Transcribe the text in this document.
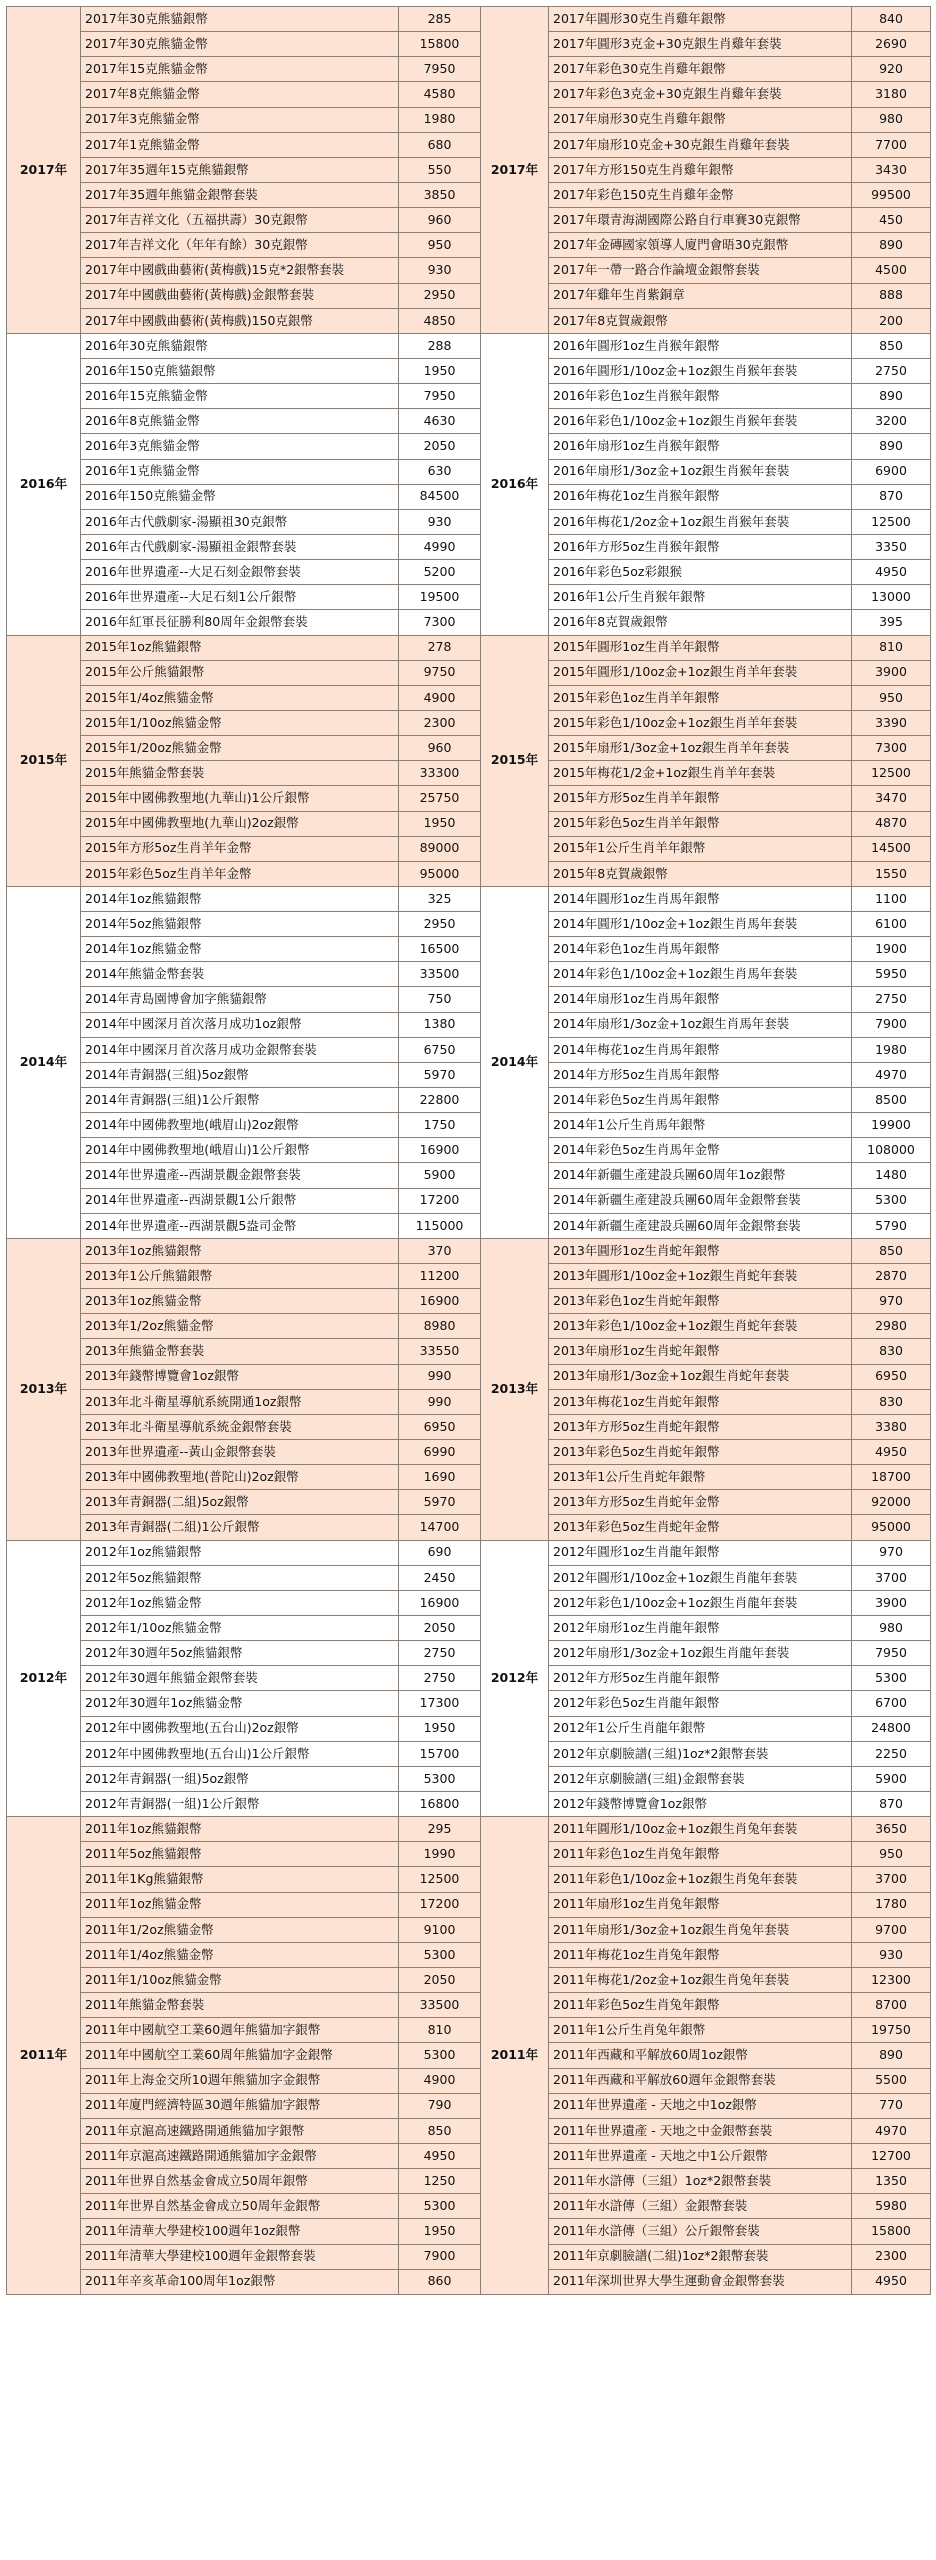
2017年	2017年30克熊貓銀幣	285	2017年	2017年圓形30克生肖雞年銀幣	840
	2017年30克熊貓金幣	15800		2017年圓形3克金+30克銀生肖雞年套裝	2690
	2017年15克熊貓金幣	7950		2017年彩色30克生肖雞年銀幣	920
	2017年8克熊貓金幣	4580		2017年彩色3克金+30克銀生肖雞年套裝	3180
	2017年3克熊貓金幣	1980		2017年扇形30克生肖雞年銀幣	980
	2017年1克熊貓金幣	680		2017年扇形10克金+30克銀生肖雞年套裝	7700
	2017年35週年15克熊貓銀幣	550		2017年方形150克生肖雞年銀幣	3430
	2017年35週年熊貓金銀幣套裝	3850		2017年彩色150克生肖雞年金幣	99500
	2017年吉祥文化（五福拱壽）30克銀幣	960		2017年環青海湖國際公路自行車賽30克銀幣	450
	2017年吉祥文化（年年有餘）30克銀幣	950		2017年金磚國家領導人廈門會晤30克銀幣	890
	2017年中國戲曲藝術(黃梅戲)15克*2銀幣套裝	930		2017年一帶一路合作論壇金銀幣套裝	4500
	2017年中國戲曲藝術(黃梅戲)金銀幣套裝	2950		2017年雞年生肖紫銅章	888
	2017年中國戲曲藝術(黃梅戲)150克銀幣	4850		2017年8克賀歲銀幣	200
2016年	2016年30克熊貓銀幣	288	2016年	2016年圓形1oz生肖猴年銀幣	850
	2016年150克熊貓銀幣	1950		2016年圓形1/10oz金+1oz銀生肖猴年套裝	2750
	2016年15克熊貓金幣	7950		2016年彩色1oz生肖猴年銀幣	890
	2016年8克熊貓金幣	4630		2016年彩色1/10oz金+1oz銀生肖猴年套裝	3200
	2016年3克熊貓金幣	2050		2016年扇形1oz生肖猴年銀幣	890
	2016年1克熊貓金幣	630		2016年扇形1/3oz金+1oz銀生肖猴年套裝	6900
	2016年150克熊貓金幣	84500		2016年梅花1oz生肖猴年銀幣	870
	2016年古代戲劇家-湯顯祖30克銀幣	930		2016年梅花1/2oz金+1oz銀生肖猴年套裝	12500
	2016年古代戲劇家-湯顯祖金銀幣套裝	4990		2016年方形5oz生肖猴年銀幣	3350
	2016年世界遺產--大足石刻金銀幣套裝	5200		2016年彩色5oz彩銀猴	4950
	2016年世界遺產--大足石刻1公斤銀幣	19500		2016年1公斤生肖猴年銀幣	13000
	2016年紅軍長征勝利80周年金銀幣套裝	7300		2016年8克賀歲銀幣	395
2015年	2015年1oz熊貓銀幣	278	2015年	2015年圓形1oz生肖羊年銀幣	810
	2015年公斤熊貓銀幣	9750		2015年圓形1/10oz金+1oz銀生肖羊年套裝	3900
	2015年1/4oz熊貓金幣	4900		2015年彩色1oz生肖羊年銀幣	950
	2015年1/10oz熊貓金幣	2300		2015年彩色1/10oz金+1oz銀生肖羊年套裝	3390
	2015年1/20oz熊貓金幣	960		2015年扇形1/3oz金+1oz銀生肖羊年套裝	7300
	2015年熊貓金幣套裝	33300		2015年梅花1/2金+1oz銀生肖羊年套裝	12500
	2015年中國佛教聖地(九華山)1公斤銀幣	25750		2015年方形5oz生肖羊年銀幣	3470
	2015年中國佛教聖地(九華山)2oz銀幣	1950		2015年彩色5oz生肖羊年銀幣	4870
	2015年方形5oz生肖羊年金幣	89000		2015年1公斤生肖羊年銀幣	14500
	2015年彩色5oz生肖羊年金幣	95000		2015年8克賀歲銀幣	1550
2014年	2014年1oz熊貓銀幣	325	2014年	2014年圓形1oz生肖馬年銀幣	1100
	2014年5oz熊貓銀幣	2950		2014年圓形1/10oz金+1oz銀生肖馬年套裝	6100
	2014年1oz熊貓金幣	16500		2014年彩色1oz生肖馬年銀幣	1900
	2014年熊貓金幣套裝	33500		2014年彩色1/10oz金+1oz銀生肖馬年套裝	5950
	2014年青島園博會加字熊貓銀幣	750		2014年扇形1oz生肖馬年銀幣	2750
	2014年中國深月首次落月成功1oz銀幣	1380		2014年扇形1/3oz金+1oz銀生肖馬年套裝	7900
	2014年中國深月首次落月成功金銀幣套裝	6750		2014年梅花1oz生肖馬年銀幣	1980
	2014年青銅器(三組)5oz銀幣	5970		2014年方形5oz生肖馬年銀幣	4970
	2014年青銅器(三組)1公斤銀幣	22800		2014年彩色5oz生肖馬年銀幣	8500
	2014年中國佛教聖地(峨眉山)2oz銀幣	1750		2014年1公斤生肖馬年銀幣	19900
	2014年中國佛教聖地(峨眉山)1公斤銀幣	16900		2014年彩色5oz生肖馬年金幣	108000
	2014年世界遺產--西湖景觀金銀幣套裝	5900		2014年新疆生產建設兵團60周年1oz銀幣	1480
	2014年世界遺產--西湖景觀1公斤銀幣	17200		2014年新疆生產建設兵團60周年金銀幣套裝	5300
	2014年世界遺產--西湖景觀5盎司金幣	115000		2014年新疆生產建設兵團60周年金銀幣套裝	5790
2013年	2013年1oz熊貓銀幣	370	2013年	2013年圓形1oz生肖蛇年銀幣	850
	2013年1公斤熊貓銀幣	11200		2013年圓形1/10oz金+1oz銀生肖蛇年套裝	2870
	2013年1oz熊貓金幣	16900		2013年彩色1oz生肖蛇年銀幣	970
	2013年1/2oz熊貓金幣	8980		2013年彩色1/10oz金+1oz銀生肖蛇年套裝	2980
	2013年熊貓金幣套裝	33550		2013年扇形1oz生肖蛇年銀幣	830
	2013年錢幣博覽會1oz銀幣	990		2013年扇形1/3oz金+1oz銀生肖蛇年套裝	6950
	2013年北斗衛星導航系統開通1oz銀幣	990		2013年梅花1oz生肖蛇年銀幣	830
	2013年北斗衛星導航系統金銀幣套裝	6950		2013年方形5oz生肖蛇年銀幣	3380
	2013年世界遺產--黃山金銀幣套裝	6990		2013年彩色5oz生肖蛇年銀幣	4950
	2013年中國佛教聖地(普陀山)2oz銀幣	1690		2013年1公斤生肖蛇年銀幣	18700
	2013年青銅器(二組)5oz銀幣	5970		2013年方形5oz生肖蛇年金幣	92000
	2013年青銅器(二組)1公斤銀幣	14700		2013年彩色5oz生肖蛇年金幣	95000
2012年	2012年1oz熊貓銀幣	690	2012年	2012年圓形1oz生肖龍年銀幣	970
	2012年5oz熊貓銀幣	2450		2012年圓形1/10oz金+1oz銀生肖龍年套裝	3700
	2012年1oz熊貓金幣	16900		2012年彩色1/10oz金+1oz銀生肖龍年套裝	3900
	2012年1/10oz熊貓金幣	2050		2012年扇形1oz生肖龍年銀幣	980
	2012年30週年5oz熊貓銀幣	2750		2012年扇形1/3oz金+1oz銀生肖龍年套裝	7950
	2012年30週年熊貓金銀幣套裝	2750		2012年方形5oz生肖龍年銀幣	5300
	2012年30週年1oz熊貓金幣	17300		2012年彩色5oz生肖龍年銀幣	6700
	2012年中國佛教聖地(五台山)2oz銀幣	1950		2012年1公斤生肖龍年銀幣	24800
	2012年中國佛教聖地(五台山)1公斤銀幣	15700		2012年京劇臉譜(三組)1oz*2銀幣套裝	2250
	2012年青銅器(一組)5oz銀幣	5300		2012年京劇臉譜(三組)金銀幣套裝	5900
	2012年青銅器(一組)1公斤銀幣	16800		2012年錢幣博覽會1oz銀幣	870
2011年	2011年1oz熊貓銀幣	295	2011年	2011年圓形1/10oz金+1oz銀生肖兔年套裝	3650
	2011年5oz熊貓銀幣	1990		2011年彩色1oz生肖兔年銀幣	950
	2011年1Kg熊貓銀幣	12500		2011年彩色1/10oz金+1oz銀生肖兔年套裝	3700
	2011年1oz熊貓金幣	17200		2011年扇形1oz生肖兔年銀幣	1780
	2011年1/2oz熊貓金幣	9100		2011年扇形1/3oz金+1oz銀生肖兔年套裝	9700
	2011年1/4oz熊貓金幣	5300		2011年梅花1oz生肖兔年銀幣	930
	2011年1/10oz熊貓金幣	2050		2011年梅花1/2oz金+1oz銀生肖兔年套裝	12300
	2011年熊貓金幣套裝	33500		2011年彩色5oz生肖兔年銀幣	8700
	2011年中國航空工業60週年熊貓加字銀幣	810		2011年1公斤生肖兔年銀幣	19750
	2011年中國航空工業60周年熊貓加字金銀幣	5300		2011年西藏和平解放60周1oz銀幣	890
	2011年上海金交所10週年熊貓加字金銀幣	4900		2011年西藏和平解放60週年金銀幣套裝	5500
	2011年廈門經濟特區30週年熊貓加字銀幣	790		2011年世界遺產 - 天地之中1oz銀幣	770
	2011年京滬高速鐵路開通熊貓加字銀幣	850		2011年世界遺產 - 天地之中金銀幣套裝	4970
	2011年京滬高速鐵路開通熊貓加字金銀幣	4950		2011年世界遺產 - 天地之中1公斤銀幣	12700
	2011年世界自然基金會成立50周年銀幣	1250		2011年水滸傳（三組）1oz*2銀幣套裝	1350
	2011年世界自然基金會成立50周年金銀幣	5300		2011年水滸傳（三組）金銀幣套裝	5980
	2011年清華大學建校100週年1oz銀幣	1950		2011年水滸傳（三組）公斤銀幣套裝	15800
	2011年清華大學建校100週年金銀幣套裝	7900		2011年京劇臉譜(二組)1oz*2銀幣套裝	2300
	2011年辛亥革命100周年1oz銀幣	860		2011年深圳世界大學生運動會金銀幣套裝	4950
